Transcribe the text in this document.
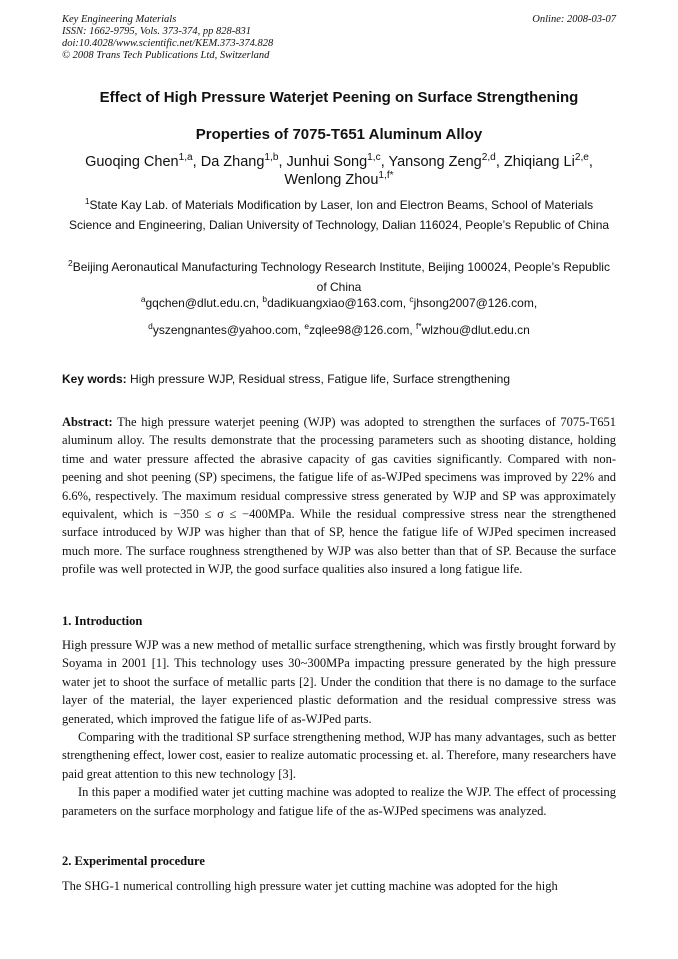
Key Engineering Materials
ISSN: 1662-9795, Vols. 373-374, pp 828-831
doi:10.4028/www.scientific.net/KEM.373-374.828
© 2008 Trans Tech Publications Ltd, Switzerland
Online: 2008-03-07
Effect of High Pressure Waterjet Peening on Surface Strengthening
Properties of 7075-T651 Aluminum Alloy
Guoqing Chen$^{1,a}$, Da Zhang$^{1,b}$, Junhui Song$^{1,c}$, Yansong Zeng$^{2,d}$, Zhiqiang Li$^{2,e}$, Wenlong Zhou$^{1,f*}$
$^1$State Kay Lab. of Materials Modification by Laser, Ion and Electron Beams, School of Materials Science and Engineering, Dalian University of Technology, Dalian 116024, People’s Republic of China
$^2$Beijing Aeronautical Manufacturing Technology Research Institute, Beijing 100024, People’s Republic of China
$^a$gqchen@dlut.edu.cn, $^b$dadikuangxiao@163.com, $^c$jhsong2007@126.com,
$^d$yszengnantes@yahoo.com, $^e$zqlee98@126.com, $^{f*}$wlzhou@dlut.edu.cn
Key words: High pressure WJP, Residual stress, Fatigue life, Surface strengthening
Abstract: The high pressure waterjet peening (WJP) was adopted to strengthen the surfaces of 7075-T651 aluminum alloy. The results demonstrate that the processing parameters such as shooting distance, holding time and water pressure affected the abrasive capacity of gas cavities significantly. Compared with non-peening and shot peening (SP) specimens, the fatigue life of as-WJPed specimens was improved by 22% and 6.6%, respectively. The maximum residual compressive stress generated by WJP and SP was approximately equivalent, which is −350 ≤ σ ≤ −400MPa. While the residual compressive stress near the strengthened surface introduced by WJP was higher than that of SP, hence the fatigue life of WJPed specimen increased much more. The surface roughness strengthened by WJP was also better than that of SP. Because the surface profile was well protected in WJP, the good surface qualities also insured a long fatigue life.
1. Introduction

High pressure WJP was a new method of metallic surface strengthening, which was firstly brought forward by Soyama in 2001 [1]. This technology uses 30~300MPa impacting pressure generated by the high pressure water jet to shoot the surface of metallic parts [2]. Under the condition that there is no damage to the surface layer of the material, the layer experienced plastic deformation and the residual compressive stress was generated, which improved the fatigue life of as-WJPed parts.

Comparing with the traditional SP surface strengthening method, WJP has many advantages, such as better strengthening effect, lower cost, easier to realize automatic processing et. al. Therefore, many researchers have paid great attention to this new technology [3].

In this paper a modified water jet cutting machine was adopted to realize the WJP. The effect of processing parameters on the surface morphology and fatigue life of the as-WJPed specimens was analyzed.

2. Experimental procedure

The SHG-1 numerical controlling high pressure water jet cutting machine was adopted for the high
